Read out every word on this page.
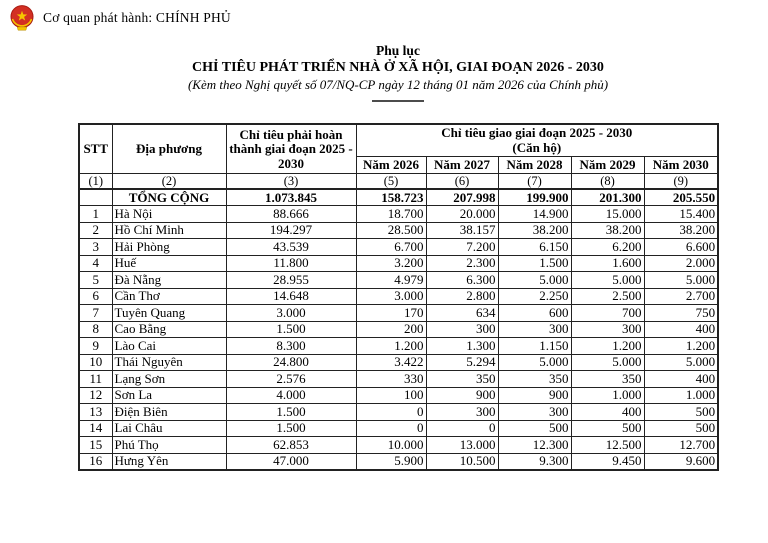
Cơ quan phát hành: CHÍNH PHỦ
Phụ lục
CHỈ TIÊU PHÁT TRIỂN NHÀ Ở XÃ HỘI, GIAI ĐOẠN 2026 - 2030
(Kèm theo Nghị quyết số 07/NQ-CP ngày 12 tháng 01 năm 2026 của Chính phủ)
STT	Địa phương	Chỉ tiêu phải hoàn thành giai đoạn 2025 - 2030	Chỉ tiêu giao giai đoạn 2025 - 2030
(Căn hộ)				
			Năm 2026	Năm 2027	Năm 2028	Năm 2029	Năm 2030
(1)	(2)	(3)	(5)	(6)	(7)	(8)	(9)
	TỔNG CỘNG	1.073.845	158.723	207.998	199.900	201.300	205.550
1	Hà Nội	88.666	18.700	20.000	14.900	15.000	15.400
2	Hồ Chí Minh	194.297	28.500	38.157	38.200	38.200	38.200
3	Hải Phòng	43.539	6.700	7.200	6.150	6.200	6.600
4	Huế	11.800	3.200	2.300	1.500	1.600	2.000
5	Đà Nẵng	28.955	4.979	6.300	5.000	5.000	5.000
6	Cần Thơ	14.648	3.000	2.800	2.250	2.500	2.700
7	Tuyên Quang	3.000	170	634	600	700	750
8	Cao Bằng	1.500	200	300	300	300	400
9	Lào Cai	8.300	1.200	1.300	1.150	1.200	1.200
10	Thái Nguyên	24.800	3.422	5.294	5.000	5.000	5.000
11	Lạng Sơn	2.576	330	350	350	350	400
12	Sơn La	4.000	100	900	900	1.000	1.000
13	Điện Biên	1.500	0	300	300	400	500
14	Lai Châu	1.500	0	0	500	500	500
15	Phú Thọ	62.853	10.000	13.000	12.300	12.500	12.700
16	Hưng Yên	47.000	5.900	10.500	9.300	9.450	9.600
